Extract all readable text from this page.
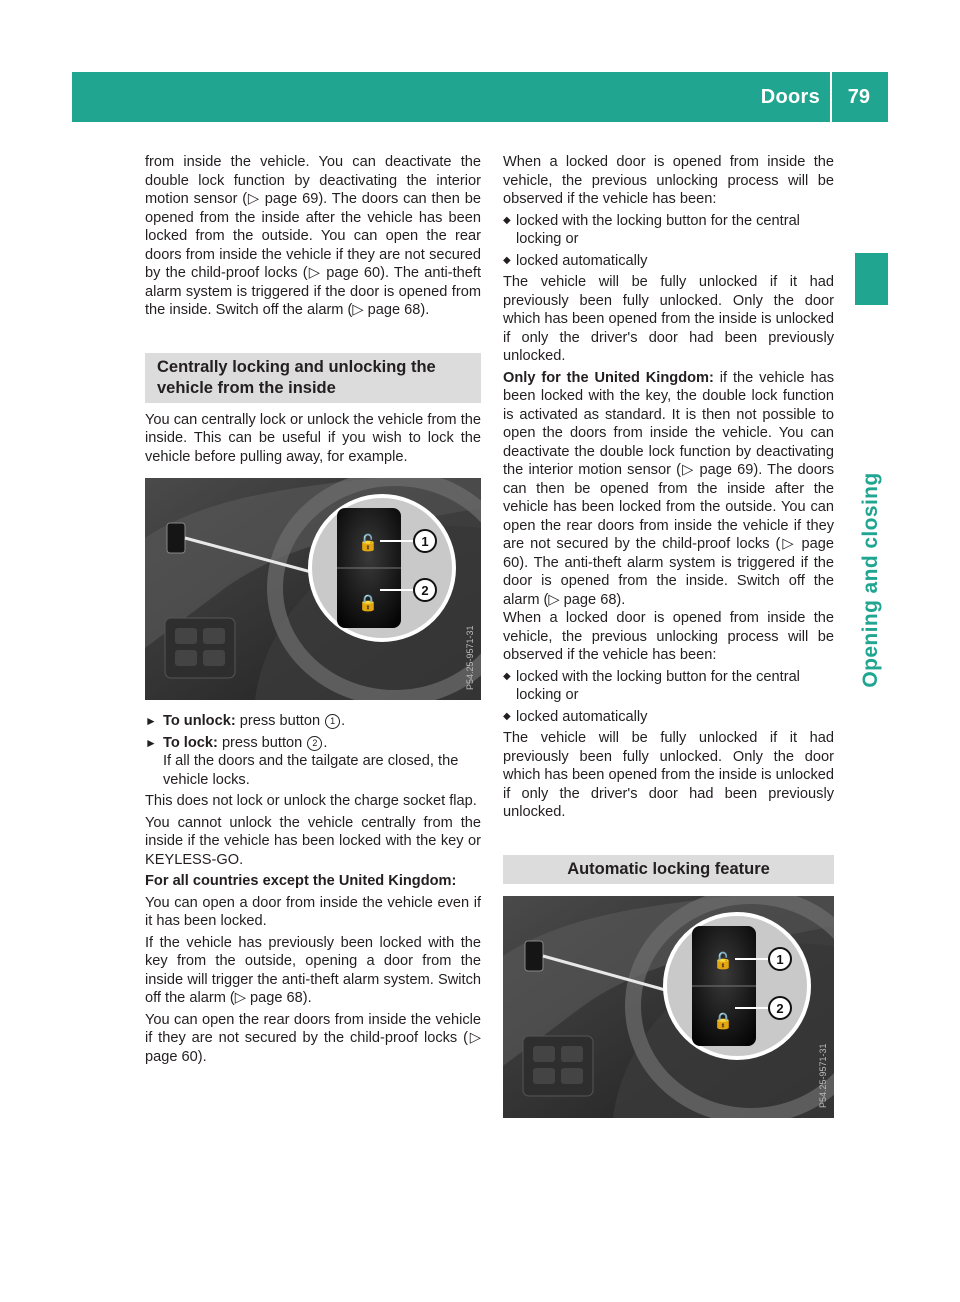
Doors 79
Opening and closing

from inside the vehicle. You can deactivate the double lock function by deactivating the interior motion sensor (▷ page 69). The doors can then be opened from the inside after the vehicle has been locked from the outside. You can open the rear doors from inside the vehicle if they are not secured by the child-proof locks (▷ page 60). The anti-theft alarm system is triggered if the door is opened from the inside. Switch off the alarm (▷ page 68).

Centrally locking and unlocking the vehicle from the inside

You can centrally lock or unlock the vehicle from the inside. This can be useful if you wish to lock the vehicle before pulling away, for example.

🔓
🔒
1
2
P54.25-9571-31
► To unlock: press button 1 .
► To lock: press button 2 .
If all the doors and the tailgate are closed, the vehicle locks.

This does not lock or unlock the charge socket flap.

You cannot unlock the vehicle centrally from the inside if the vehicle has been locked with the key or KEYLESS-GO.

For all countries except the United Kingdom:

You can open a door from inside the vehicle even if it has been locked.

If the vehicle has previously been locked with the key from the outside, opening a door from the inside will trigger the anti-theft alarm system. Switch off the alarm (▷ page 68).

You can open the rear doors from inside the vehicle if they are not secured by the child-proof locks (▷ page 60).

When a locked door is opened from inside the vehicle, the previous unlocking process will be observed if the vehicle has been:

◆ locked with the locking button for the central locking or
◆ locked automatically

The vehicle will be fully unlocked if it had previously been fully unlocked. Only the door which has been opened from the inside is unlocked if only the driver's door had been previously unlocked.

Only for the United Kingdom: if the vehicle has been locked with the key, the double lock function is activated as standard. It is then not possible to open the doors from inside the vehicle. You can deactivate the double lock function by deactivating the interior motion sensor (▷ page 69). The doors can then be opened from the inside after the vehicle has been locked from the outside. You can open the rear doors from inside the vehicle if they are not secured by the child-proof locks (▷ page 60). The anti-theft alarm system is triggered if the door is opened from the inside. Switch off the alarm (▷ page 68).

When a locked door is opened from inside the vehicle, the previous unlocking process will be observed if the vehicle has been:

◆ locked with the locking button for the central locking or
◆ locked automatically

The vehicle will be fully unlocked if it had previously been fully unlocked. Only the door which has been opened from the inside is unlocked if only the driver's door had been previously unlocked.

Automatic locking feature
🔓
🔒
1
2
P54.25-9571-31
